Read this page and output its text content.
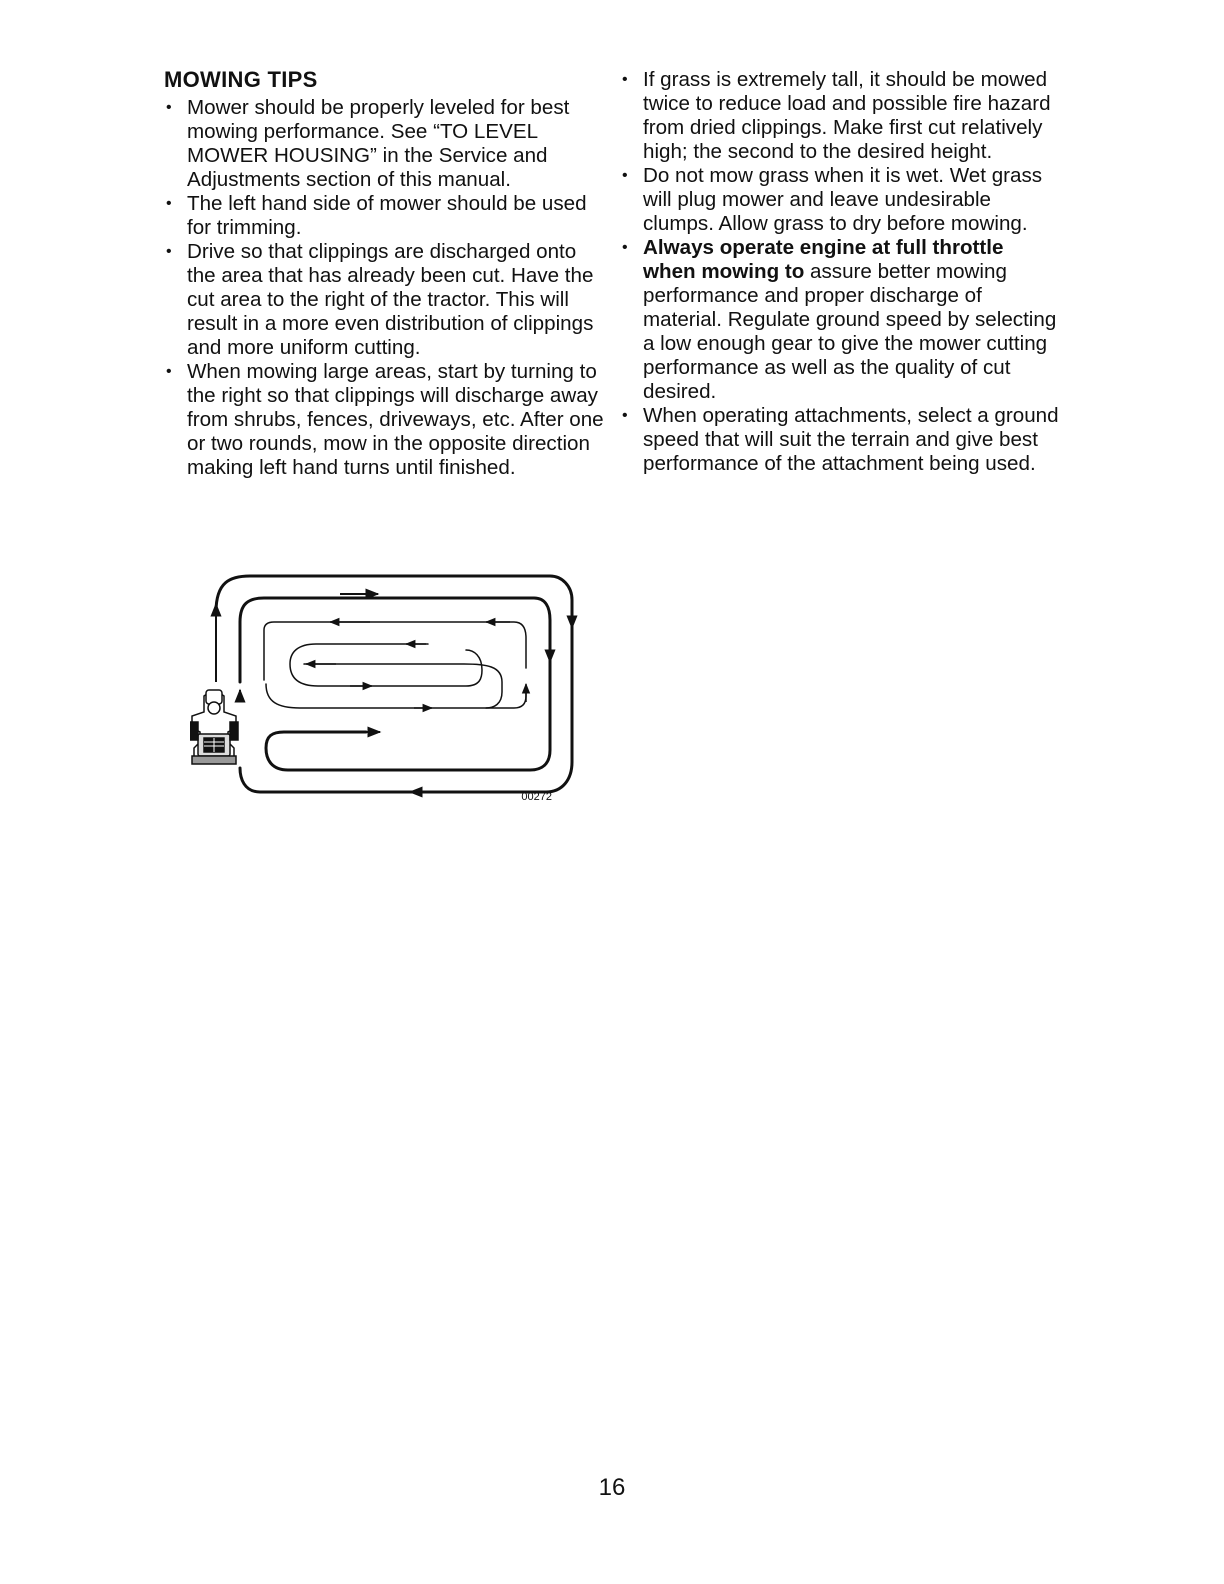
MOWING TIPS
• Mower should be properly leveled for best mowing performance. See “TO LEVEL MOWER HOUSING” in the Service and Adjustments section of this manual.
• The left hand side of mower should be used for trimming.
• Drive so that clippings are discharged onto the area that has already been cut. Have the cut area to the right of the tractor. This will result in a more even distribution of clippings and more uniform cutting.
• When mowing large areas, start by turning to the right so that clippings will discharge away from shrubs, fences, driveways, etc. After one or two rounds, mow in the opposite direction making left hand turns until finished.
• If grass is extremely tall, it should be mowed twice to reduce load and possible fire hazard from dried clippings. Make first cut relatively high; the second to the desired height.
• Do not mow grass when it is wet. Wet grass will plug mower and leave undesirable clumps. Allow grass to dry before mowing.
• Always operate engine at full throttle when mowing to assure better mowing performance and proper discharge of material. Regulate ground speed by selecting a low enough gear to give the mower cutting performance as well as the quality of cut desired.
• When operating attachments, select a ground speed that will suit the terrain and give best performance of the attachment being used.
00272
16
